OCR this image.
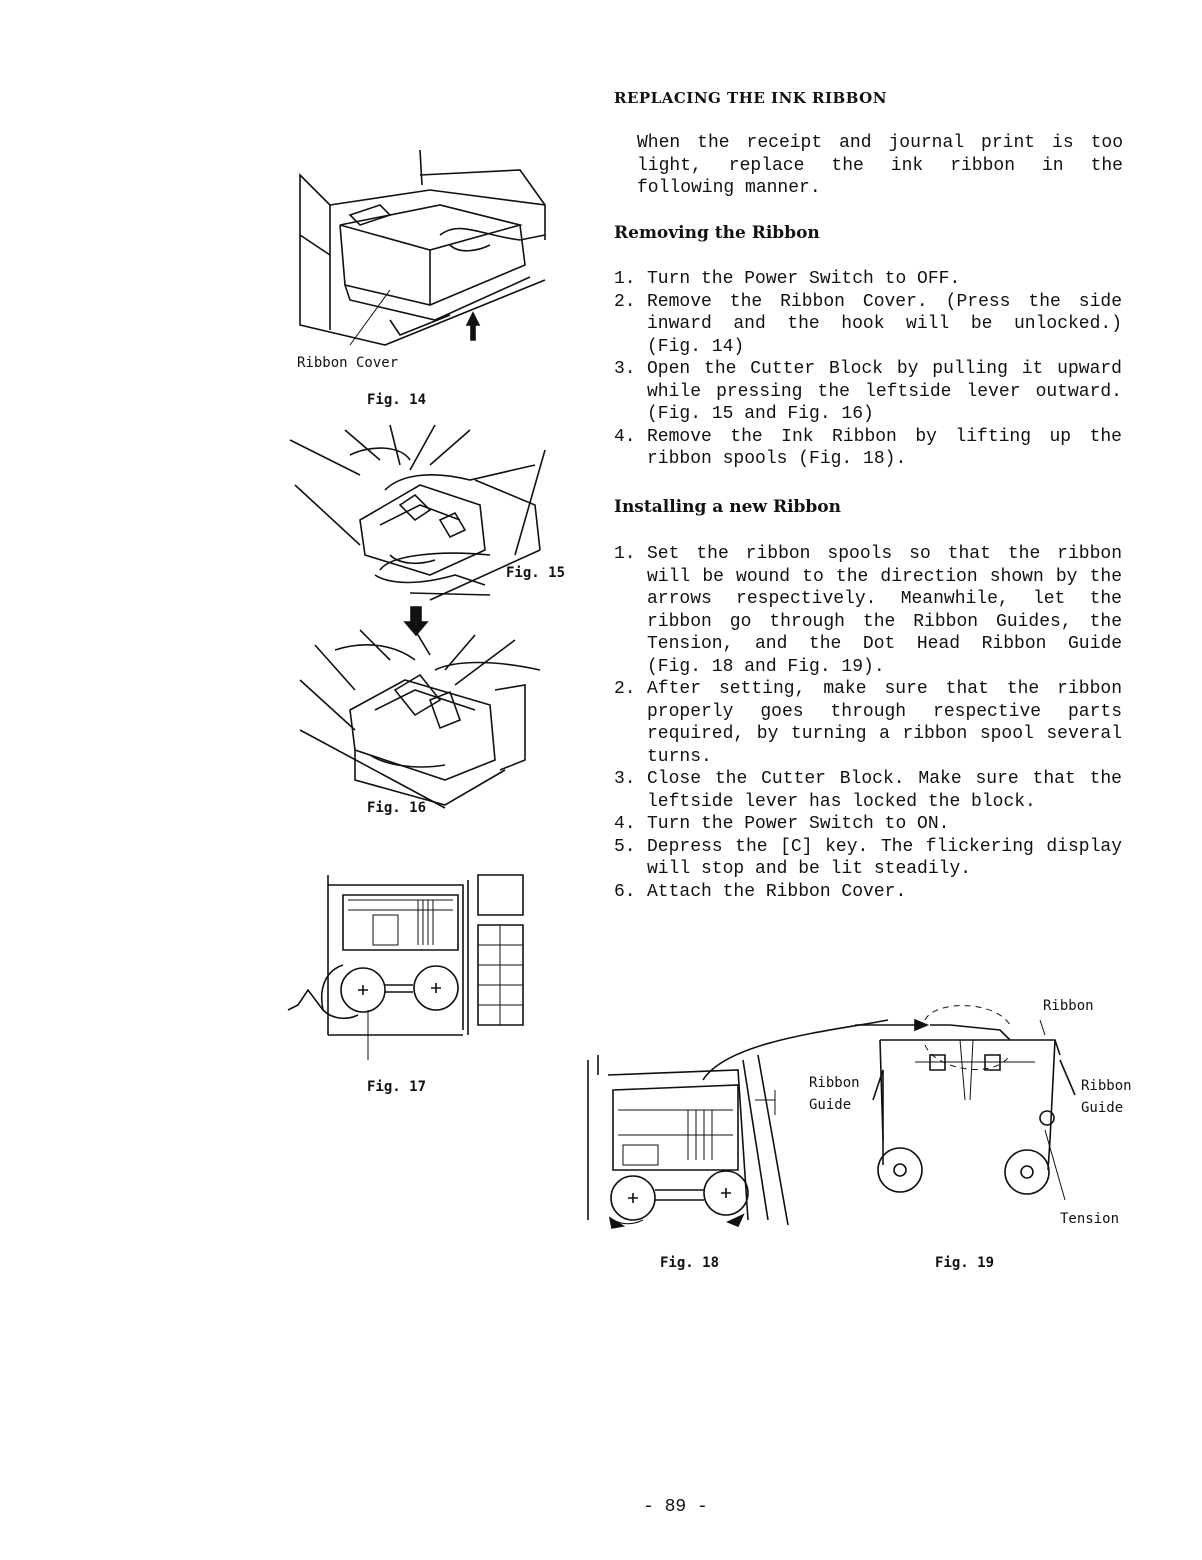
REPLACING THE INK RIBBON
When the receipt and journal print is too light, replace the ink ribbon in the following manner.
Removing the Ribbon
1. Turn the Power Switch to OFF.
2. Remove the Ribbon Cover. (Press the side inward and the hook will be unlocked.) (Fig. 14)
3. Open the Cutter Block by pulling it upward while pressing the leftside lever outward. (Fig. 15 and Fig. 16)
4. Remove the Ink Ribbon by lifting up the ribbon spools (Fig. 18).
Installing a new Ribbon
1. Set the ribbon spools so that the ribbon will be wound to the direction shown by the arrows respectively. Meanwhile, let the ribbon go through the Ribbon Guides, the Tension, and the Dot Head Ribbon Guide (Fig. 18 and Fig. 19).
2. After setting, make sure that the ribbon properly goes through respective parts required, by turning a ribbon spool several turns.
3. Close the Cutter Block. Make sure that the leftside lever has locked the block.
4. Turn the Power Switch to ON.
5. Depress the [C] key. The flickering display will stop and be lit steadily.
6. Attach the Ribbon Cover.
Ribbon Cover
Fig. 14
Fig. 15
Fig. 16
Fig. 17
Fig. 18
Ribbon
Ribbon
Guide
Ribbon
Guide
Tension
Fig. 19
- 89 -
